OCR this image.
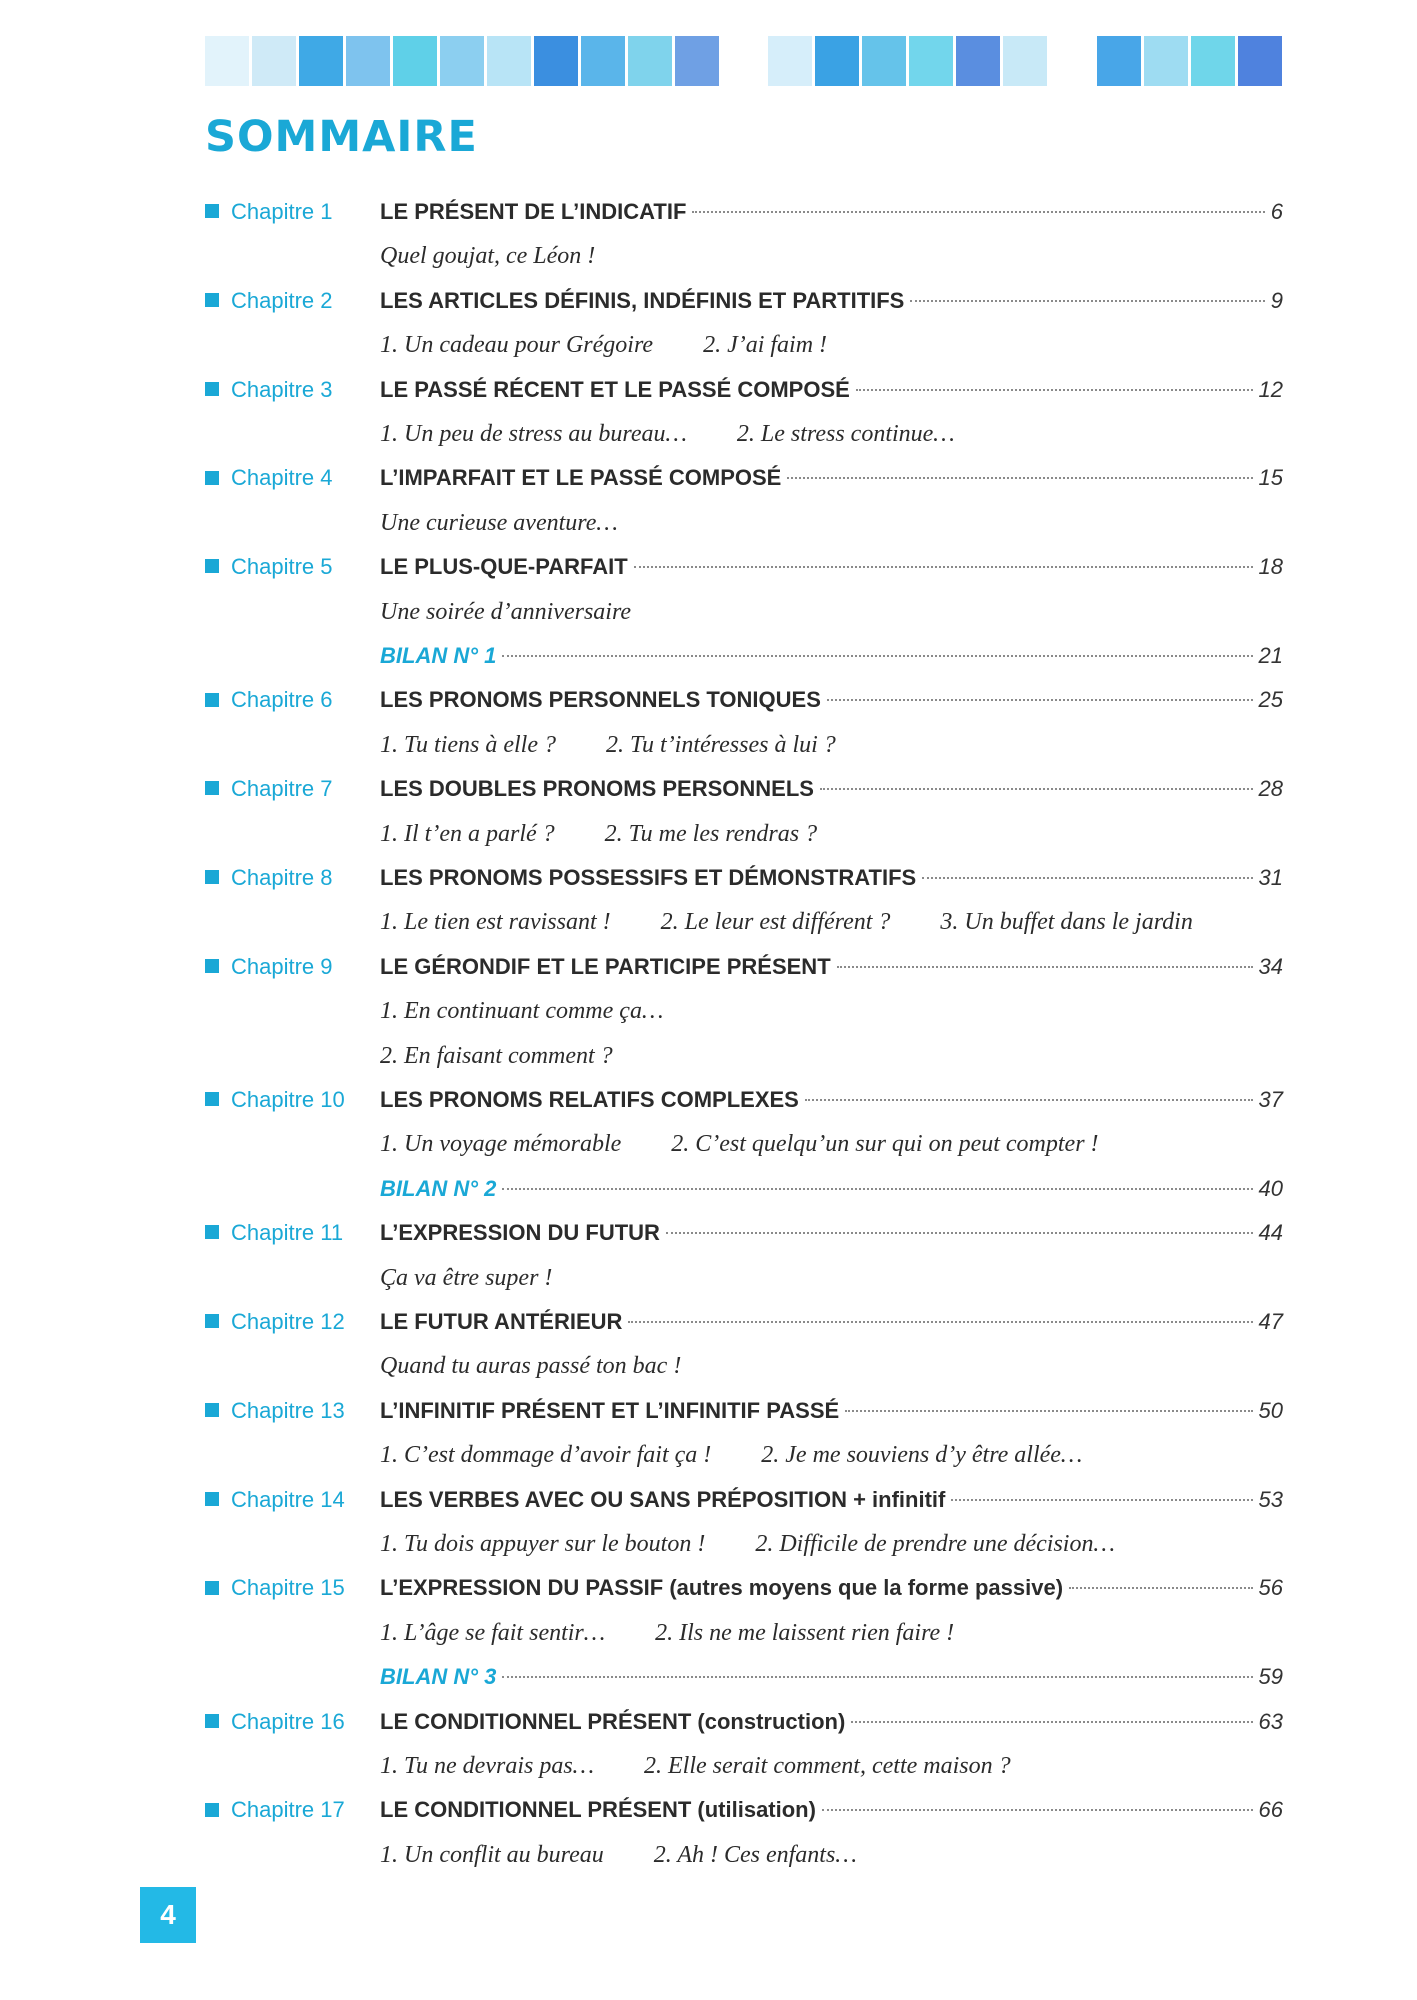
SOMMAIRE
Chapitre 1 LE PRÉSENT DE L’INDICATIF	6
Quel goujat, ce Léon !
Chapitre 2 LES ARTICLES DÉFINIS, INDÉFINIS ET PARTITIFS	9
1. Un cadeau pour Grégoire 2. J’ai faim !
Chapitre 3 LE PASSÉ RÉCENT ET LE PASSÉ COMPOSÉ	12
1. Un peu de stress au bureau… 2. Le stress continue…
Chapitre 4 L’IMPARFAIT ET LE PASSÉ COMPOSÉ	15
Une curieuse aventure…
Chapitre 5 LE PLUS-QUE-PARFAIT	18
Une soirée d’anniversaire
BILAN N° 1	21
Chapitre 6 LES PRONOMS PERSONNELS TONIQUES	25
1. Tu tiens à elle ? 2. Tu t’intéresses à lui ?
Chapitre 7 LES DOUBLES PRONOMS PERSONNELS	28
1. Il t’en a parlé ? 2. Tu me les rendras ?
Chapitre 8 LES PRONOMS POSSESSIFS ET DÉMONSTRATIFS	31
1. Le tien est ravissant ! 2. Le leur est différent ? 3. Un buffet dans le jardin
Chapitre 9 LE GÉRONDIF ET LE PARTICIPE PRÉSENT	34
1. En continuant comme ça…
2. En faisant comment ?
Chapitre 10 LES PRONOMS RELATIFS COMPLEXES	37
1. Un voyage mémorable 2. C’est quelqu’un sur qui on peut compter !
BILAN N° 2	40
Chapitre 11 L’EXPRESSION DU FUTUR	44
Ça va être super !
Chapitre 12 LE FUTUR ANTÉRIEUR	47
Quand tu auras passé ton bac !
Chapitre 13 L’INFINITIF PRÉSENT ET L’INFINITIF PASSÉ	50
1. C’est dommage d’avoir fait ça ! 2. Je me souviens d’y être allée…
Chapitre 14 LES VERBES AVEC OU SANS PRÉPOSITION + infinitif	53
1. Tu dois appuyer sur le bouton ! 2. Difficile de prendre une décision…
Chapitre 15 L’EXPRESSION DU PASSIF (autres moyens que la forme passive)	56
1. L’âge se fait sentir… 2. Ils ne me laissent rien faire !
BILAN N° 3	59
Chapitre 16 LE CONDITIONNEL PRÉSENT (construction)	63
1. Tu ne devrais pas… 2. Elle serait comment, cette maison ?
Chapitre 17 LE CONDITIONNEL PRÉSENT (utilisation)	66
1. Un conflit au bureau 2. Ah ! Ces enfants…
4
